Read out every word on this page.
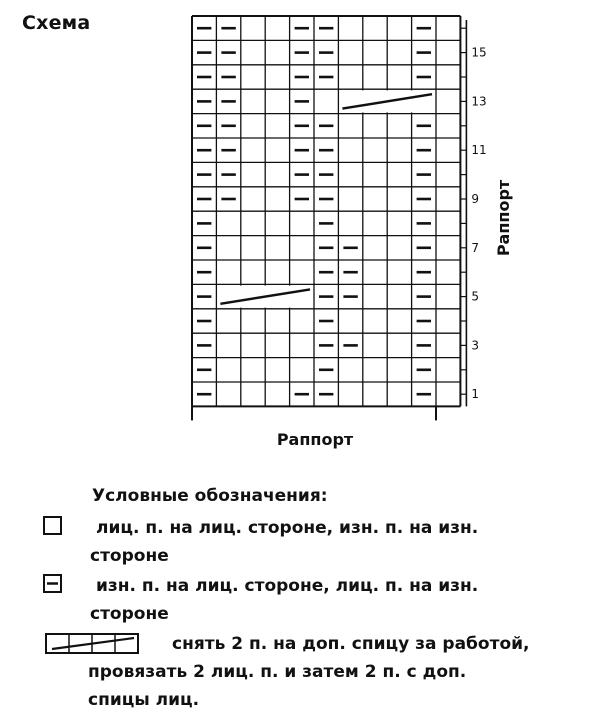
Схема
1
3
5
7
9
11
13
15
Раппорт
Раппорт
Условные обозначения:

лиц. п. на лиц. стороне, изн. п. на изн.

стороне

изн. п. на лиц. стороне, лиц. п. на изн.

стороне

снять 2 п. на доп. спицу за работой,

провязать 2 лиц. п. и затем 2 п. с доп.

спицы лиц.
